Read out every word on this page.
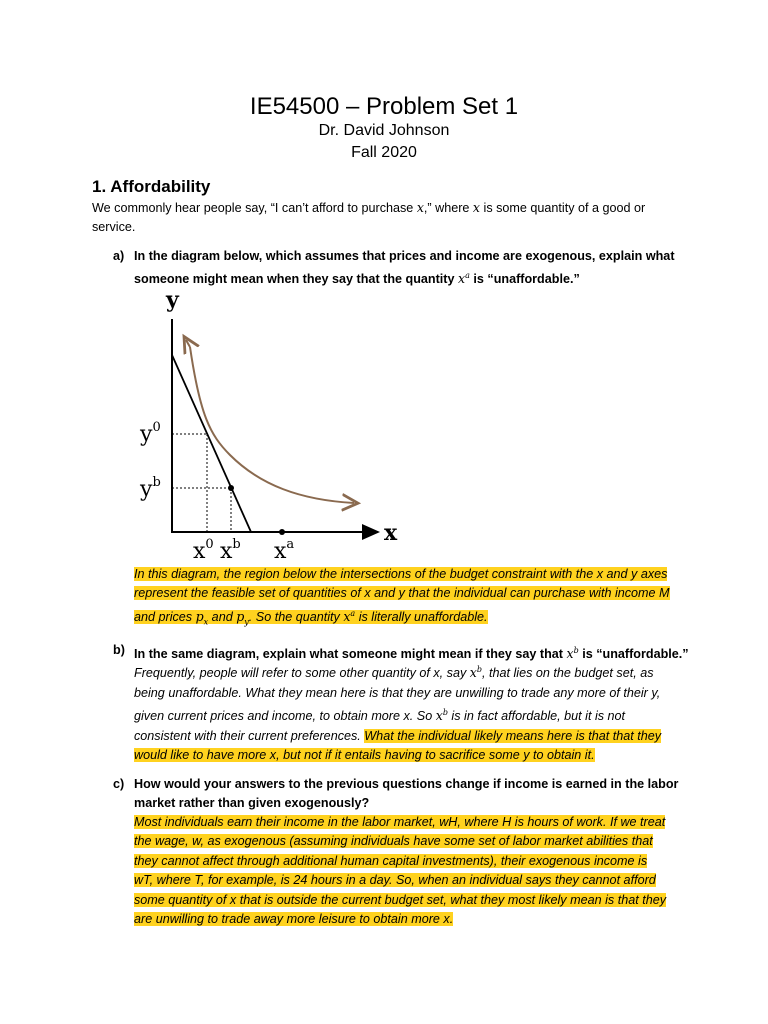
IE54500 – Problem Set 1
Dr. David Johnson
Fall 2020
1. Affordability
We commonly hear people say, “I can’t afford to purchase x,” where x is some quantity of a good or
service.
a) In the diagram below, which assumes that prices and income are exogenous, explain what
someone might mean when they say that the quantity $x^a$ is “unaffordable.”
y
x
$y^0$
$y^b$
$x^0$ $x^b$ $x^a$
In this diagram, the region below the intersections of the budget constraint with the x and y axes
represent the feasible set of quantities of x and y that the individual can purchase with income M
and prices $p_x$ and $p_y$. So the quantity $x^a$ is literally unaffordable.
b) In the same diagram, explain what someone might mean if they say that $x^b$ is “unaffordable.”
Frequently, people will refer to some other quantity of x, say $x^b$, that lies on the budget set, as
being unaffordable. What they mean here is that they are unwilling to trade any more of their y,
given current prices and income, to obtain more x. So $x^b$ is in fact affordable, but it is not
consistent with their current preferences. What the individual likely means here is that that they
would like to have more x, but not if it entails having to sacrifice some y to obtain it.
c) How would your answers to the previous questions change if income is earned in the labor
market rather than given exogenously?
Most individuals earn their income in the labor market, wH, where H is hours of work. If we treat
the wage, w, as exogenous (assuming individuals have some set of labor market abilities that
they cannot affect through additional human capital investments), their exogenous income is
wT, where T, for example, is 24 hours in a day. So, when an individual says they cannot afford
some quantity of x that is outside the current budget set, what they most likely mean is that they
are unwilling to trade away more leisure to obtain more x.
